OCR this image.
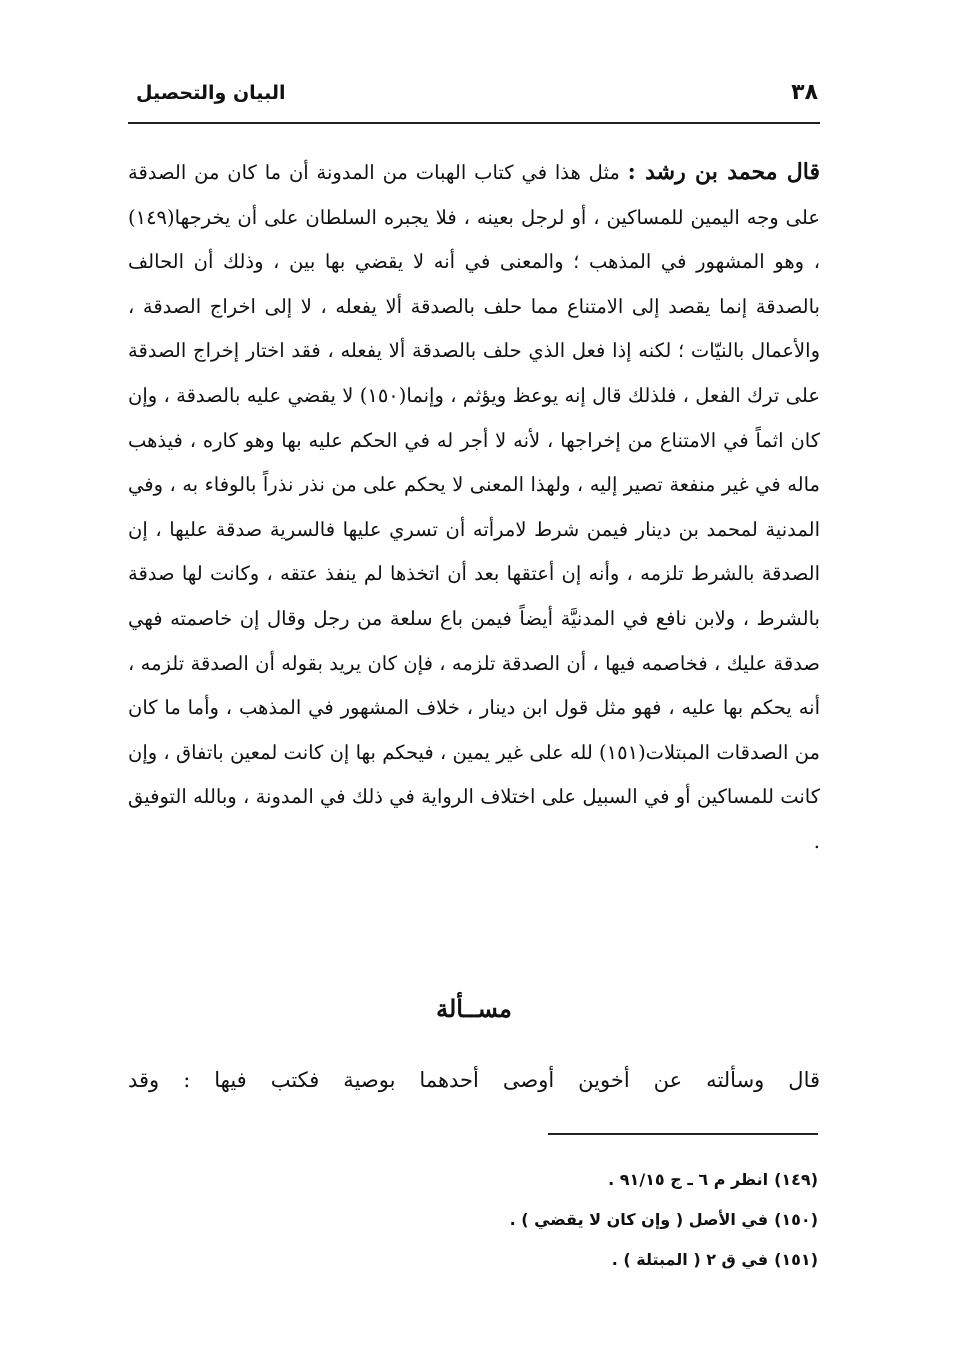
٣٨
البيان والتحصيل
قال محمد بن رشد : مثل هذا في كتاب الهبات من المدونة أن ما كان من الصدقة على وجه اليمين للمساكين ، أو لرجل بعينه ، فلا يجبره السلطان على أن يخرجها(١٤٩) ، وهو المشهور في المذهب ؛ والمعنى في أنه لا يقضي بها بين ، وذلك أن الحالف بالصدقة إنما يقصد إلى الامتناع مما حلف بالصدقة ألا يفعله ، لا إلى اخراج الصدقة ، والأعمال بالنيّات ؛ لكنه إذا فعل الذي حلف بالصدقة ألا يفعله ، فقد اختار إخراج الصدقة على ترك الفعل ، فلذلك قال إنه يوعظ ويؤثم ، وإنما(١٥٠) لا يقضي عليه بالصدقة ، وإن كان اثماً في الامتناع من إخراجها ، لأنه لا أجر له في الحكم عليه بها وهو كاره ، فيذهب ماله في غير منفعة تصير إليه ، ولهذا المعنى لا يحكم على من نذر نذراً بالوفاء به ، وفي المدنية لمحمد بن دينار فيمن شرط لامرأته أن تسري عليها فالسرية صدقة عليها ، إن الصدقة بالشرط تلزمه ، وأنه إن أعتقها بعد أن اتخذها لم ينفذ عتقه ، وكانت لها صدقة بالشرط ، ولابن نافع في المدنيَّة أيضاً فيمن باع سلعة من رجل وقال إن خاصمته فهي صدقة عليك ، فخاصمه فيها ، أن الصدقة تلزمه ، فإن كان يريد بقوله أن الصدقة تلزمه ، أنه يحكم بها عليه ، فهو مثل قول ابن دينار ، خلاف المشهور في المذهب ، وأما ما كان من الصدقات المبتلات(١٥١) لله على غير يمين ، فيحكم بها إن كانت لمعين باتفاق ، وإن كانت للمساكين أو في السبيل على اختلاف الرواية في ذلك في المدونة ، وبالله التوفيق .
مســألة
قال وسألته عن أخوين أوصى أحدهما بوصية فكتب فيها : وقد
(١٤٩)انظر م ٦ ـ ج ٩١/١٥ .
(١٥٠)في الأصل ( وإن كان لا يقضي ) .
(١٥١)في ق ٢ ( المبتلة ) .
